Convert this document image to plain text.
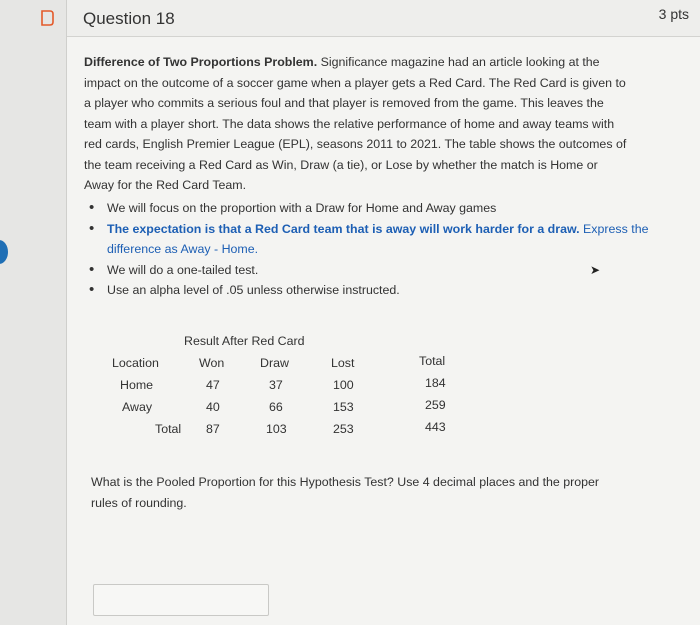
Question 18	3 pts
Difference of Two Proportions Problem. Significance magazine had an article looking at the impact on the outcome of a soccer game when a player gets a Red Card. The Red Card is given to a player who commits a serious foul and that player is removed from the game. This leaves the team with a player short. The data shows the relative performance of home and away teams with red cards, English Premier League (EPL), seasons 2011 to 2021. The table shows the outcomes of the team receiving a Red Card as Win, Draw (a tie), or Lose by whether the match is Home or Away for the Red Card Team.
• We will focus on the proportion with a Draw for Home and Away games
• The expectation is that a Red Card team that is away will work harder for a draw. Express the difference as Away - Home.
• We will do a one-tailed test.
• Use an alpha level of .05 unless otherwise instructed.
Result After Red Card
Location	Won	Draw	Lost	Total
Home	47	37	100	184
Away	40	66	153	259
Total 87	103	253	443
What is the Pooled Proportion for this Hypothesis Test? Use 4 decimal places and the proper rules of rounding.
➤
